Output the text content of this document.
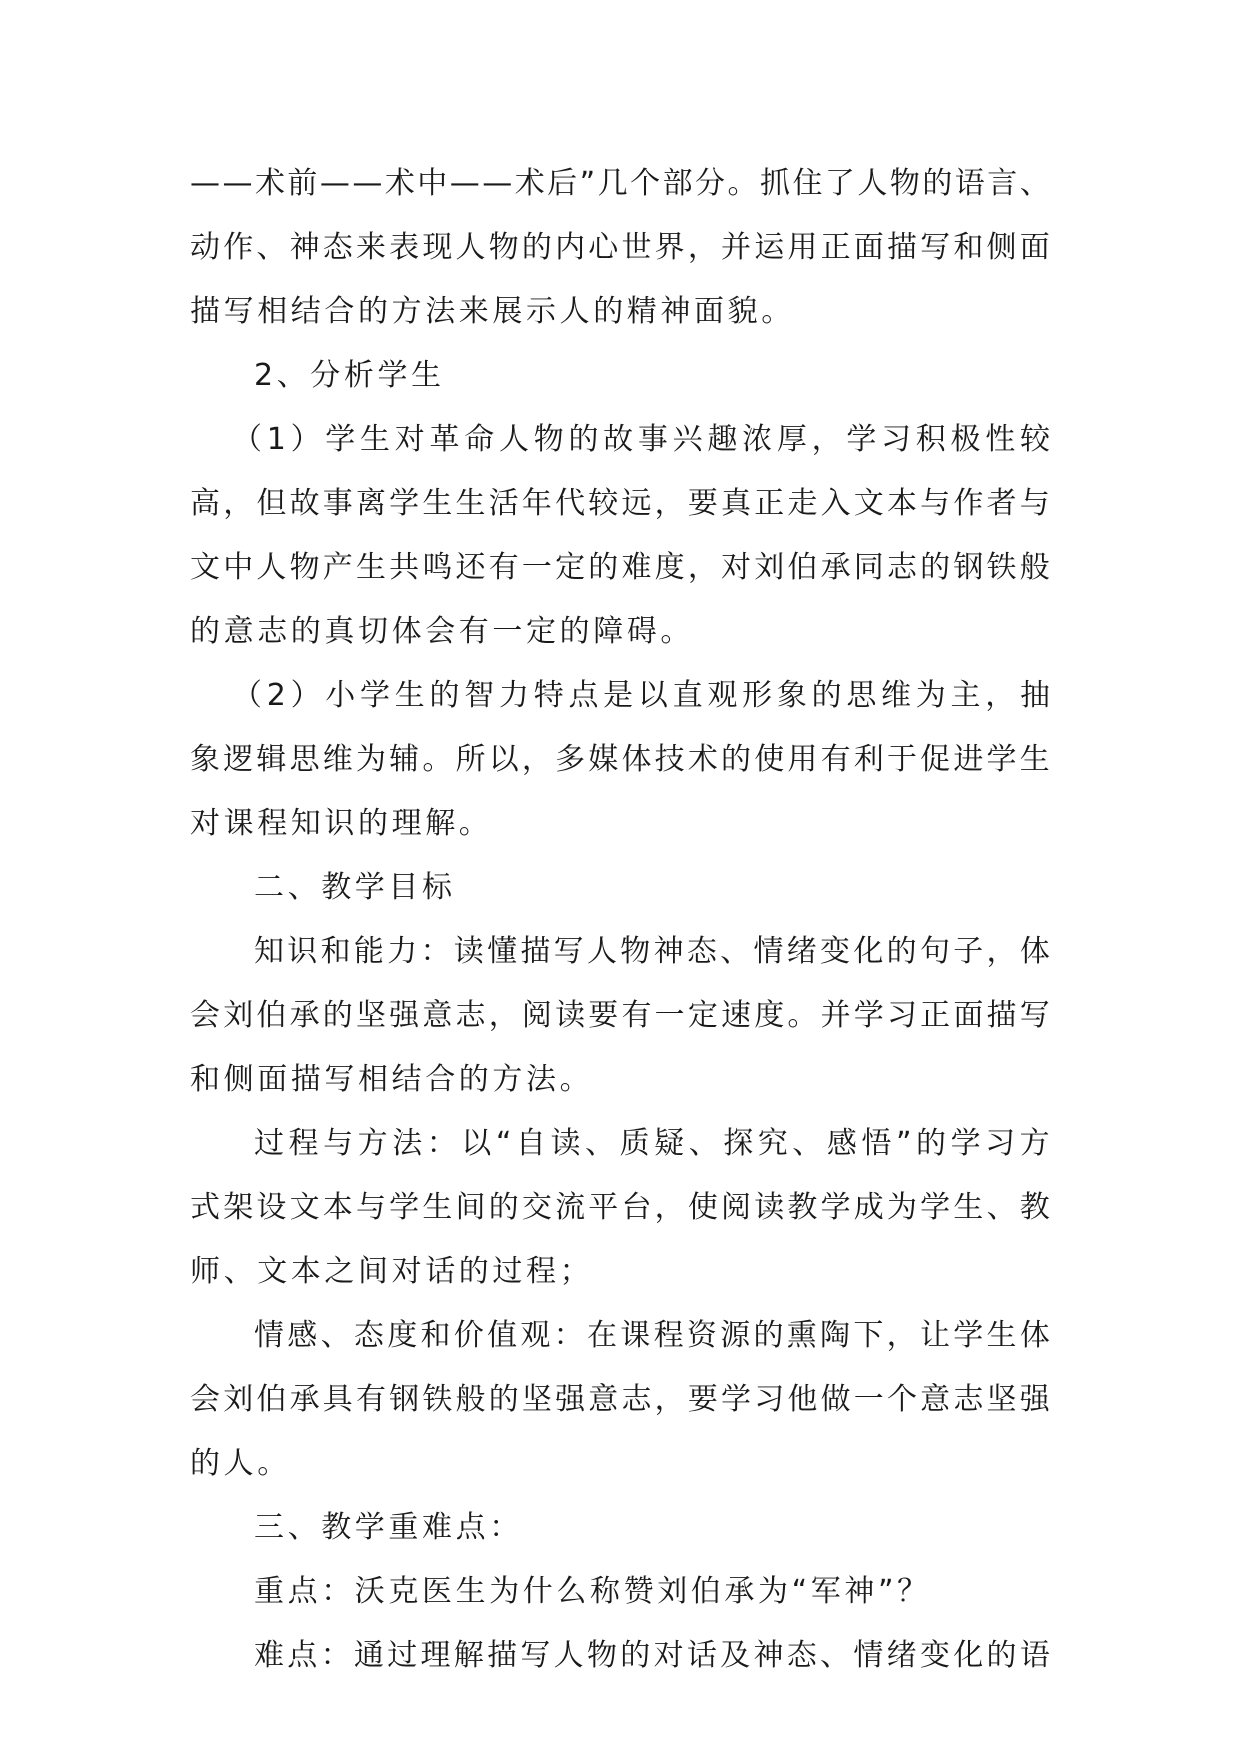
— — 术 前 — — 术 中 — — 术 后 ” 几 个 部 分 。 抓 住 了 人 物 的 语 言 、
动 作 、 神 态 来 表 现 人 物 的 内 心 世 界 ， 并 运 用 正 面 描 写 和 侧 面
描写相结合的方法来展示人的精神面貌。
2、分析学生
（ 1 ） 学 生 对 革 命 人 物 的 故 事 兴 趣 浓 厚 ， 学 习 积 极 性 较
高 ， 但 故 事 离 学 生 生 活 年 代 较 远 ， 要 真 正 走 入 文 本 与 作 者 与
文 中 人 物 产 生 共 鸣 还 有 一 定 的 难 度 ， 对 刘 伯 承 同 志 的 钢 铁 般
的意志的真切体会有一定的障碍。
（ 2 ） 小 学 生 的 智 力 特 点 是 以 直 观 形 象 的 思 维 为 主 ， 抽
象 逻 辑 思 维 为 辅 。 所 以 ， 多 媒 体 技 术 的 使 用 有 利 于 促 进 学 生
对课程知识的理解。
二、教学目标
知 识 和 能 力 ： 读 懂 描 写 人 物 神 态 、 情 绪 变 化 的 句 子 ， 体
会 刘 伯 承 的 坚 强 意 志 ， 阅 读 要 有 一 定 速 度 。 并 学 习 正 面 描 写
和侧面描写相结合的方法。
过 程 与 方 法 ： 以 “ 自 读 、 质 疑 、 探 究 、 感 悟 ” 的 学 习 方
式 架 设 文 本 与 学 生 间 的 交 流 平 台 ， 使 阅 读 教 学 成 为 学 生 、 教
师、文本之间对话的过程；
情 感 、 态 度 和 价 值 观 ： 在 课 程 资 源 的 熏 陶 下 ， 让 学 生 体
会 刘 伯 承 具 有 钢 铁 般 的 坚 强 意 志 ， 要 学 习 他 做 一 个 意 志 坚 强
的人。
三、教学重难点：
重点：沃克医生为什么称赞刘伯承为“军神”？
难 点 ： 通 过 理 解 描 写 人 物 的 对 话 及 神 态 、 情 绪 变 化 的 语
